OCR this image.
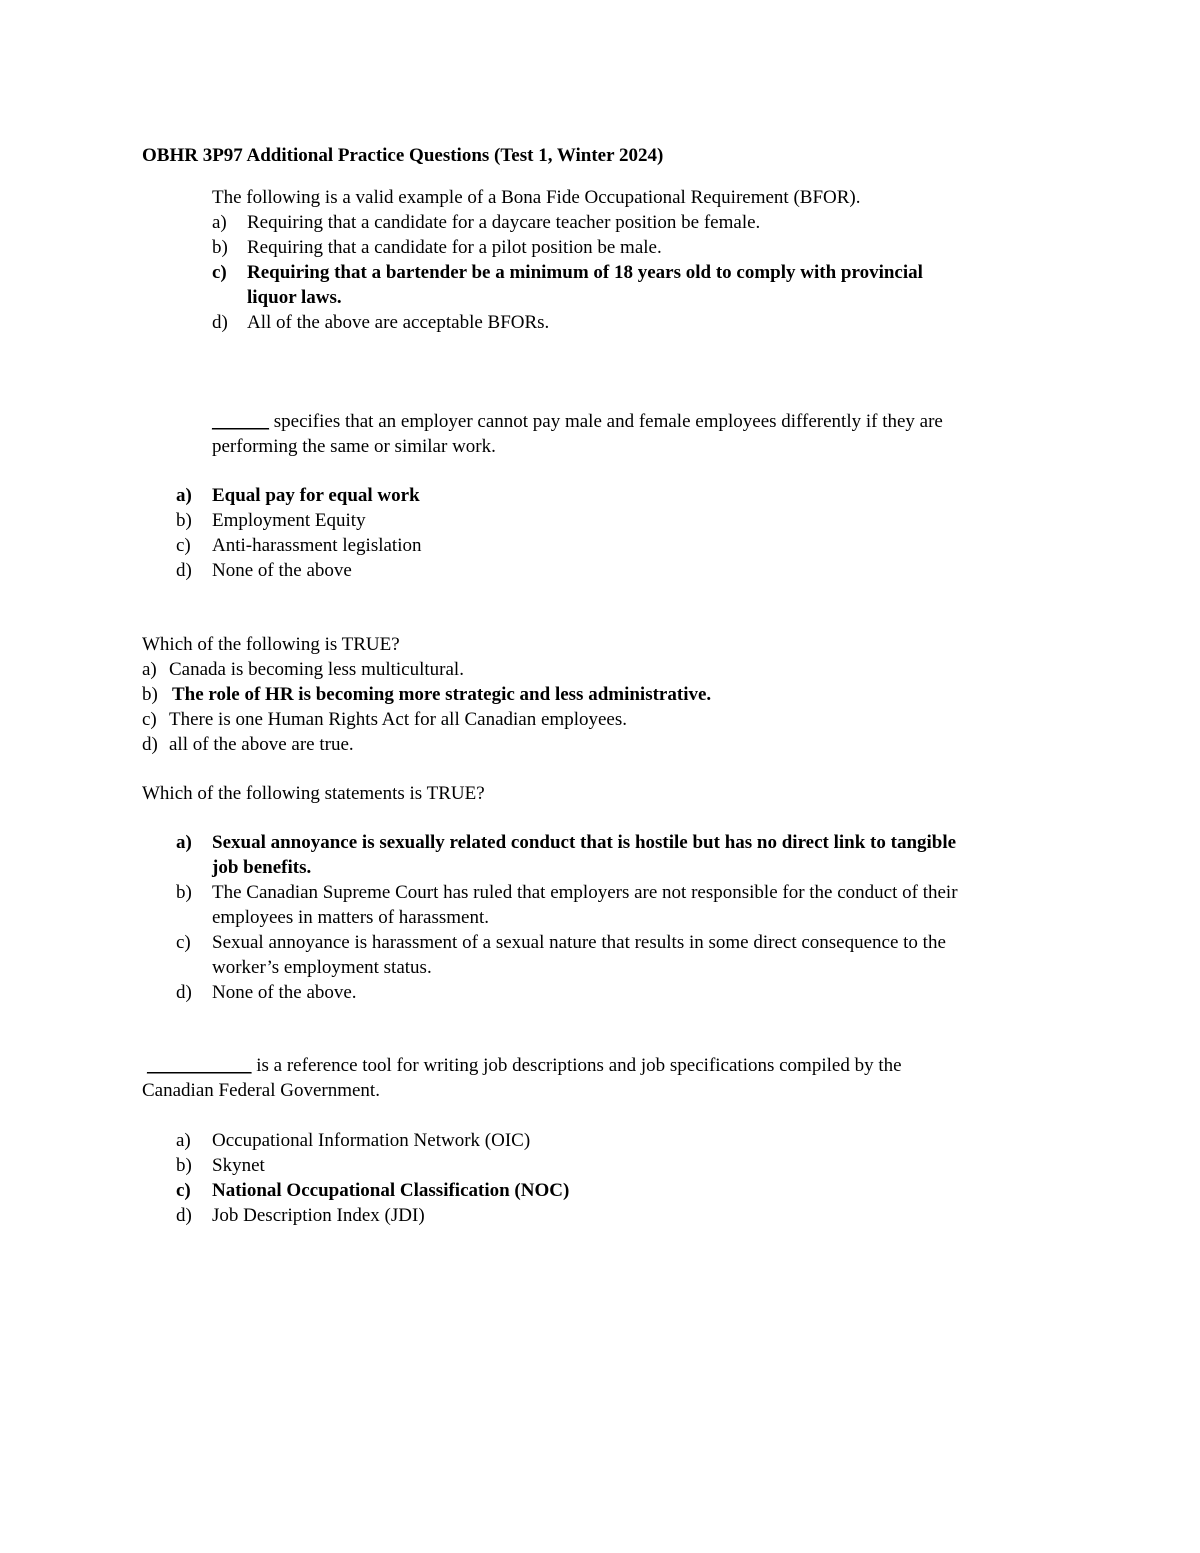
OBHR 3P97 Additional Practice Questions (Test 1, Winter 2024)
The following is a valid example of a Bona Fide Occupational Requirement (BFOR).
a) Requiring that a candidate for a daycare teacher position be female.
b) Requiring that a candidate for a pilot position be male.
c) Requiring that a bartender be a minimum of 18 years old to comply with provincial
liquor laws.
d) All of the above are acceptable BFORs.
______ specifies that an employer cannot pay male and female employees differently if they are
performing the same or similar work.
a) Equal pay for equal work
b) Employment Equity
c) Anti-harassment legislation
d) None of the above
Which of the following is TRUE?
a) Canada is becoming less multicultural.
b) The role of HR is becoming more strategic and less administrative.
c) There is one Human Rights Act for all Canadian employees.
d) all of the above are true.
Which of the following statements is TRUE?
a) Sexual annoyance is sexually related conduct that is hostile but has no direct link to tangible
job benefits.
b) The Canadian Supreme Court has ruled that employers are not responsible for the conduct of their
employees in matters of harassment.
c) Sexual annoyance is harassment of a sexual nature that results in some direct consequence to the
worker’s employment status.
d) None of the above.
___________ is a reference tool for writing job descriptions and job specifications compiled by the
Canadian Federal Government.
a) Occupational Information Network (OIC)
b) Skynet
c) National Occupational Classification (NOC)
d) Job Description Index (JDI)
